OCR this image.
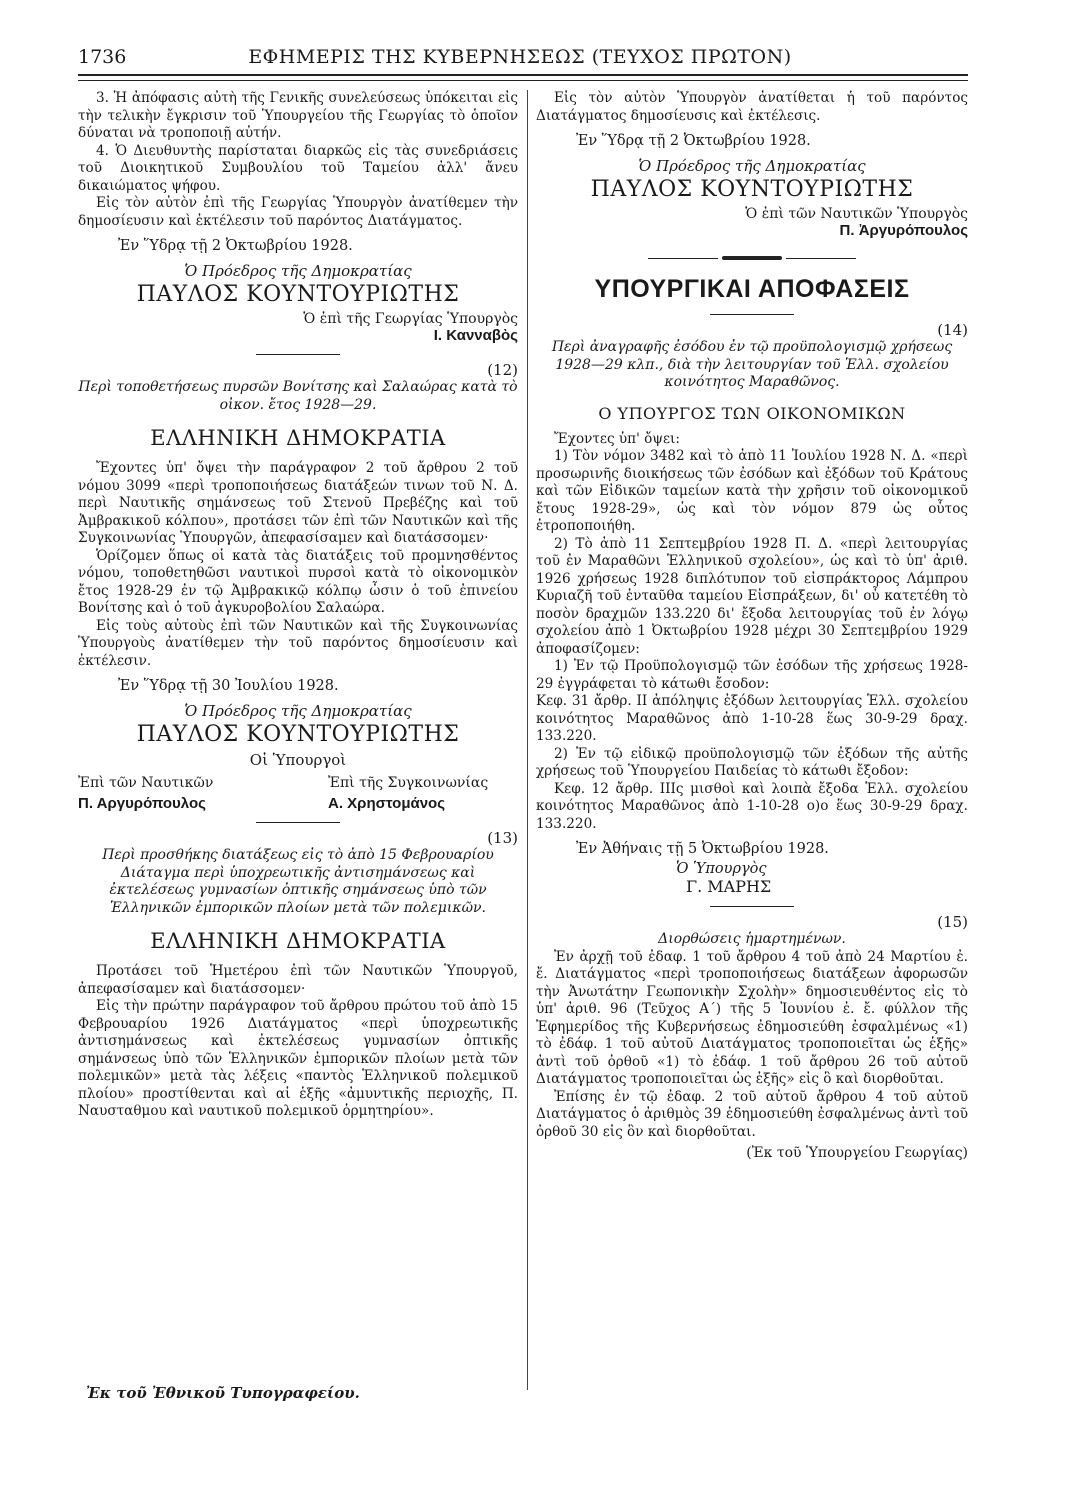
1736	ΕΦΗΜΕΡΙΣ ΤΗΣ ΚΥΒΕΡΝΗΣΕΩΣ (ΤΕΥΧΟΣ ΠΡΩΤΟΝ)

3. Ἡ ἀπόφασις αὐτὴ τῆς Γενικῆς συνελεύσεως ὑπόκειται εἰς τὴν τελικὴν ἔγκρισιν τοῦ Ὑπουργείου τῆς Γεωργίας τὸ ὁποῖον δύναται νὰ τροποποιῇ αὐτήν.

4. Ὁ Διευθυντὴς παρίσταται διαρκῶς εἰς τὰς συνεδριάσεις τοῦ Διοικητικοῦ Συμβουλίου τοῦ Ταμείου ἀλλ' ἄνευ δικαιώματος ψήφου.

Εἰς τὸν αὐτὸν ἐπὶ τῆς Γεωργίας Ὑπουργὸν ἀνατίθεμεν τὴν δημοσίευσιν καὶ ἐκτέλεσιν τοῦ παρόντος Διατάγματος.

Ἐν Ὕδρᾳ τῇ 2 Ὀκτωβρίου 1928.
Ὁ Πρόεδρος τῆς Δημοκρατίας
ΠΑΥΛΟΣ ΚΟΥΝΤΟΥΡΙΩΤΗΣ
Ὁ ἐπὶ τῆς Γεωργίας Ὑπουργὸς
Ι. Κανναβὸς
(12)

Περὶ τοποθετήσεως πυρσῶν Βονίτσης καὶ Σαλαώρας κατὰ τὸ οἰκον. ἔτος 1928—29.

ΕΛΛΗΝΙΚΗ ΔΗΜΟΚΡΑΤΙΑ

Ἔχοντες ὑπ' ὄψει τὴν παράγραφον 2 τοῦ ἄρθρου 2 τοῦ νόμου 3099 «περὶ τροποποιήσεως διατάξεών τινων τοῦ Ν. Δ. περὶ Ναυτικῆς σημάνσεως τοῦ Στενοῦ Πρεβέζης καὶ τοῦ Ἀμβρακικοῦ κόλπου», προτάσει τῶν ἐπὶ τῶν Ναυτικῶν καὶ τῆς Συγκοινωνίας Ὑπουργῶν, ἀπεφασίσαμεν καὶ διατάσσομεν·

Ὁρίζομεν ὅπως οἱ κατὰ τὰς διατάξεις τοῦ προμνησθέντος νόμου, τοποθετηθῶσι ναυτικοὶ πυρσοὶ κατὰ τὸ οἰκονομικὸν ἔτος 1928-29 ἐν τῷ Ἀμβρακικῷ κόλπῳ ὦσιν ὁ τοῦ ἐπινείου Βονίτσης καὶ ὁ τοῦ ἀγκυροβολίου Σαλαώρα.

Εἰς τοὺς αὐτοὺς ἐπὶ τῶν Ναυτικῶν καὶ τῆς Συγκοινωνίας Ὑπουργοὺς ἀνατίθεμεν τὴν τοῦ παρόντος δημοσίευσιν καὶ ἐκτέλεσιν.

Ἐν Ὕδρᾳ τῇ 30 Ἰουλίου 1928.
Ὁ Πρόεδρος τῆς Δημοκρατίας
ΠΑΥΛΟΣ ΚΟΥΝΤΟΥΡΙΩΤΗΣ
Οἱ Ὑπουργοὶ
Ἐπὶ τῶν Ναυτικῶν
Π. Αργυρόπουλος
Ἐπὶ τῆς Συγκοινωνίας
Α. Χρηστομάνος
(13)

Περὶ προσθήκης διατάξεως εἰς τὸ ἀπὸ 15 Φεβρουαρίου Διάταγμα περὶ ὑποχρεωτικῆς ἀντισημάνσεως καὶ ἐκτελέσεως γυμνασίων ὀπτικῆς σημάνσεως ὑπὸ τῶν Ἑλληνικῶν ἐμπορικῶν πλοίων μετὰ τῶν πολεμικῶν.

ΕΛΛΗΝΙΚΗ ΔΗΜΟΚΡΑΤΙΑ

Προτάσει τοῦ Ἡμετέρου ἐπὶ τῶν Ναυτικῶν Ὑπουργοῦ, ἀπεφασίσαμεν καὶ διατάσσομεν·

Εἰς τὴν πρώτην παράγραφον τοῦ ἄρθρου πρώτου τοῦ ἀπὸ 15 Φεβρουαρίου 1926 Διατάγματος «περὶ ὑποχρεωτικῆς ἀντισημάνσεως καὶ ἐκτελέσεως γυμνασίων ὀπτικῆς σημάνσεως ὑπὸ τῶν Ἑλληνικῶν ἐμπορικῶν πλοίων μετὰ τῶν πολεμικῶν» μετὰ τὰς λέξεις «παντὸς Ἑλληνικοῦ πολεμικοῦ πλοίου» προστίθενται καὶ αἱ ἑξῆς «ἀμυντικῆς περιοχῆς, Π. Ναυσταθμου καὶ ναυτικοῦ πολεμικοῦ ὁρμητηρίου».

Εἰς τὸν αὐτὸν Ὑπουργὸν ἀνατίθεται ἡ τοῦ παρόντος Διατάγματος δημοσίευσις καὶ ἐκτέλεσις.

Ἐν Ὕδρᾳ τῇ 2 Ὀκτωβρίου 1928.
Ὁ Πρόεδρος τῆς Δημοκρατίας
ΠΑΥΛΟΣ ΚΟΥΝΤΟΥΡΙΩΤΗΣ
Ὁ ἐπὶ τῶν Ναυτικῶν Ὑπουργὸς
Π. Ἀργυρόπουλος
ΥΠΟΥΡΓΙΚΑΙ ΑΠΟΦΑΣΕΙΣ
(14)

Περὶ ἀναγραφῆς ἐσόδου ἐν τῷ προϋπολογισμῷ χρήσεως 1928—29 κλπ., διὰ τὴν λειτουργίαν τοῦ Ἑλλ. σχολείου κοινότητος Μαραθῶνος.

Ο ΥΠΟΥΡΓΟΣ ΤΩΝ ΟΙΚΟΝΟΜΙΚΩΝ

Ἔχοντες ὑπ' ὄψει:

1) Τὸν νόμον 3482 καὶ τὸ ἀπὸ 11 Ἰουλίου 1928 Ν. Δ. «περὶ προσωρινῆς διοικήσεως τῶν ἐσόδων καὶ ἐξόδων τοῦ Κράτους καὶ τῶν Εἰδικῶν ταμείων κατὰ τὴν χρῆσιν τοῦ οἰκονομικοῦ ἔτους 1928-29», ὡς καὶ τὸν νόμον 879 ὡς οὗτος ἐτροποποιήθη.

2) Τὸ ἀπὸ 11 Σεπτεμβρίου 1928 Π. Δ. «περὶ λειτουργίας τοῦ ἐν Μαραθῶνι Ἑλληνικοῦ σχολείου», ὡς καὶ τὸ ὑπ' ἀριθ. 1926 χρήσεως 1928 διπλότυπον τοῦ εἰσπράκτορος Λάμπρου Κυριαζῆ τοῦ ἐνταῦθα ταμείου Εἰσπράξεων, δι' οὗ κατετέθη τὸ ποσὸν δραχμῶν 133.220 δι' ἔξοδα λειτουργίας τοῦ ἐν λόγῳ σχολείου ἀπὸ 1 Ὀκτωβρίου 1928 μέχρι 30 Σεπτεμβρίου 1929 ἀποφασίζομεν:

1) Ἐν τῷ Προϋπολογισμῷ τῶν ἐσόδων τῆς χρήσεως 1928-29 ἐγγράφεται τὸ κάτωθι ἔσοδον:

Κεφ. 31 ἄρθρ. ΙΙ ἀπόληψις ἐξόδων λειτουργίας Ἑλλ. σχολείου κοινότητος Μαραθῶνος ἀπὸ 1-10-28 ἕως 30-9-29 δραχ. 133.220.

2) Ἐν τῷ εἰδικῷ προϋπολογισμῷ τῶν ἐξόδων τῆς αὐτῆς χρήσεως τοῦ Ὑπουργείου Παιδείας τὸ κάτωθι ἔξοδον:

Κεφ. 12 ἄρθρ. ΙΙΙς μισθοὶ καὶ λοιπὰ ἔξοδα Ἑλλ. σχολείου κοινότητος Μαραθῶνος ἀπὸ 1-10-28 ο)ο ἕως 30-9-29 δραχ. 133.220.

Ἐν Ἀθήναις τῇ 5 Ὀκτωβρίου 1928.
Ὁ Ὑπουργὸς
Γ. ΜΑΡΗΣ
(15)

Διορθώσεις ἡμαρτημένων.

Ἐν ἀρχῇ τοῦ ἐδαφ. 1 τοῦ ἄρθρου 4 τοῦ ἀπὸ 24 Μαρτίου ἐ. ἔ. Διατάγματος «περὶ τροποποιήσεως διατάξεων ἀφορωσῶν τὴν Ἀνωτάτην Γεωπονικὴν Σχολὴν» δημοσιευθέντος εἰς τὸ ὑπ' ἀριθ. 96 (Τεῦχος Α΄) τῆς 5 Ἰουνίου ἐ. ἔ. φύλλον τῆς Ἐφημερίδος τῆς Κυβερνήσεως ἐδημοσιεύθη ἐσφαλμένως «1) τὸ ἐδάφ. 1 τοῦ αὐτοῦ Διατάγματος τροποποιεῖται ὡς ἑξῆς» ἀντὶ τοῦ ὀρθοῦ «1) τὸ ἐδάφ. 1 τοῦ ἄρθρου 26 τοῦ αὐτοῦ Διατάγματος τροποποιεῖται ὡς ἑξῆς» εἰς ὃ καὶ διορθοῦται.

Ἐπίσης ἐν τῷ ἐδαφ. 2 τοῦ αὐτοῦ ἄρθρου 4 τοῦ αὐτοῦ Διατάγματος ὁ ἀριθμὸς 39 ἐδημοσιεύθη ἐσφαλμένως ἀντὶ τοῦ ὀρθοῦ 30 εἰς ὃν καὶ διορθοῦται.

(Ἐκ τοῦ Ὑπουργείου Γεωργίας)
Ἐκ τοῦ Ἐθνικοῦ Τυπογραφείου.
